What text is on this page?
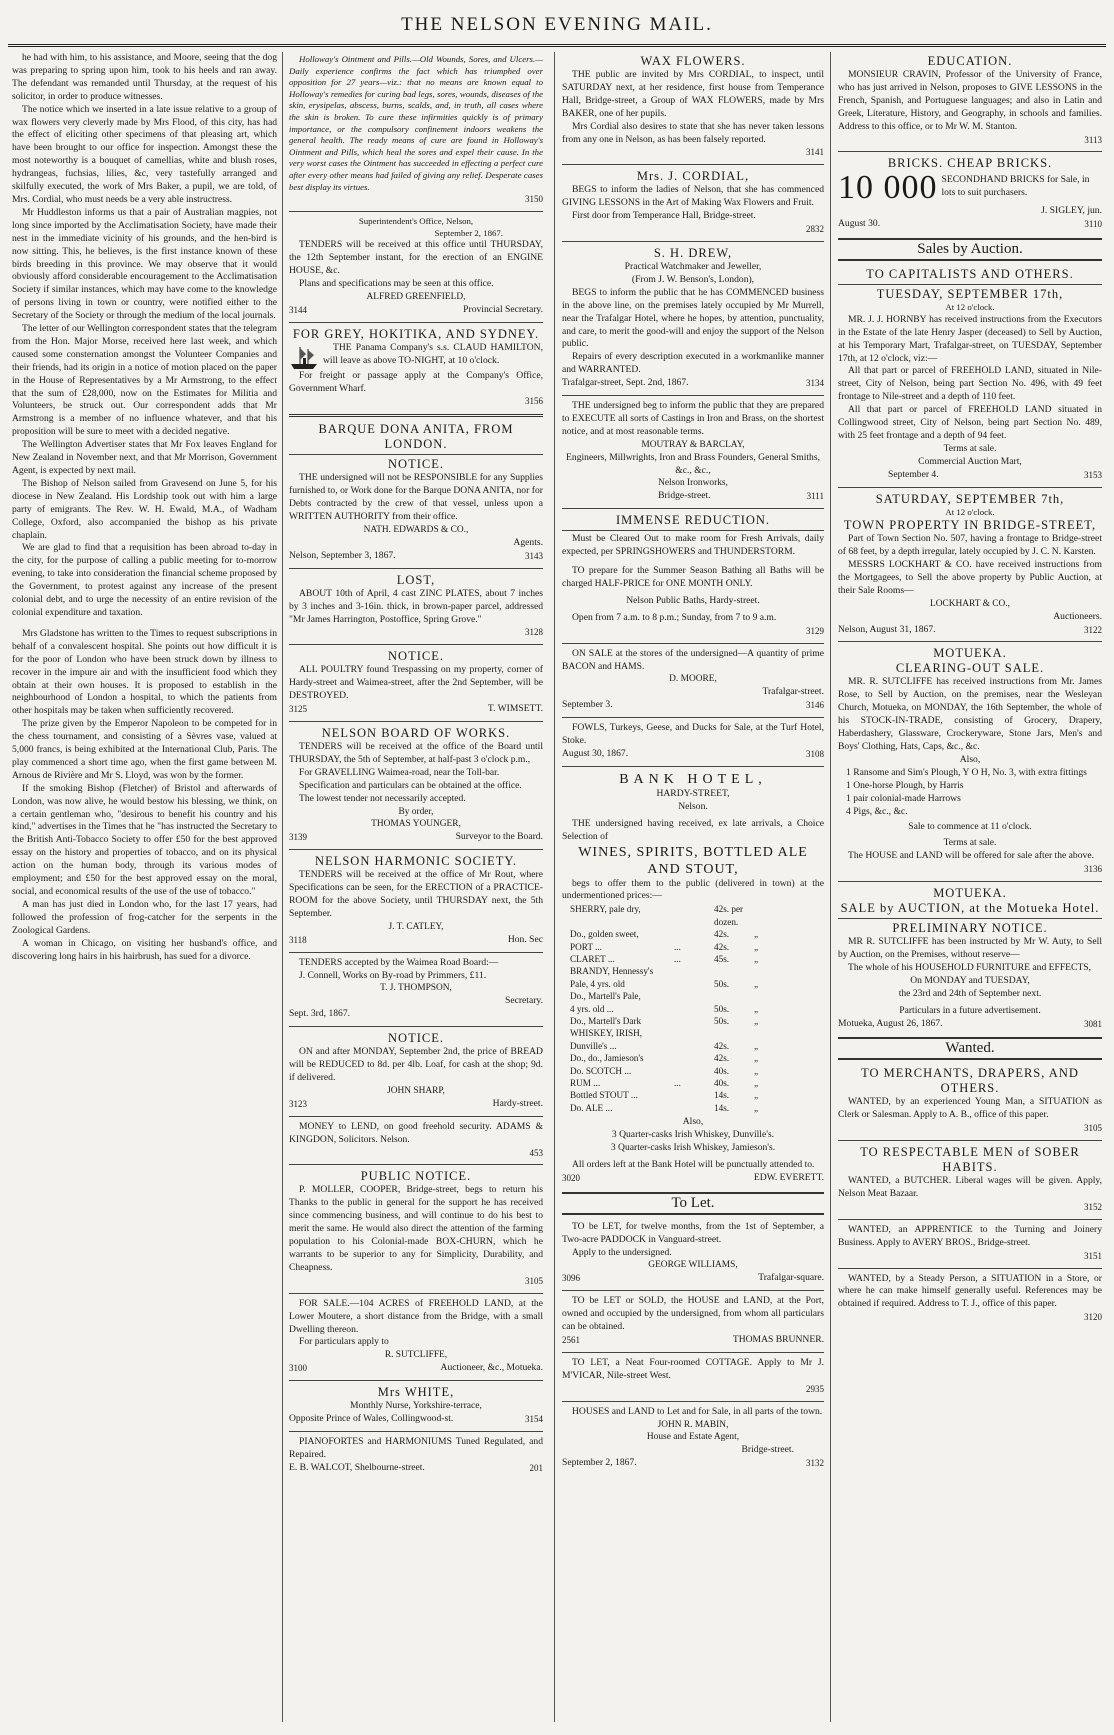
THE NELSON EVENING MAIL.
he had with him, to his assistance, and Moore, seeing that the dog was preparing to spring upon him, took to his heels and ran away. The defendant was remanded until Thursday, at the request of his solicitor, in order to produce witnesses.
The notice which we inserted in a late issue relative to a group of wax flowers very cleverly made by Mrs Flood, of this city, has had the effect of eliciting other specimens of that pleasing art, which have been brought to our office for inspection. Amongst these the most noteworthy is a bouquet of camellias, white and blush roses, hydrangeas, fuchsias, lilies, &c, very tastefully arranged and skilfully executed, the work of Mrs Baker, a pupil, we are told, of Mrs. Cordial, who must needs be a very able instructress.
Mr Huddleston informs us that a pair of Australian magpies, not long since imported by the Acclimatisation Society, have made their nest in the immediate vicinity of his grounds, and the hen-bird is now sitting. This, he believes, is the first instance known of these birds breeding in this province. We may observe that it would obviously afford considerable encouragement to the Acclimatisation Society if similar instances, which may have come to the knowledge of persons living in town or country, were notified either to the Secretary of the Society or through the medium of the local journals.
The letter of our Wellington correspondent states that the telegram from the Hon. Major Morse, received here last week, and which caused some consternation amongst the Volunteer Companies and their friends, had its origin in a notice of motion placed on the paper in the House of Representatives by a Mr Armstrong, to the effect that the sum of £28,000, now on the Estimates for Militia and Volunteers, be struck out. Our correspondent adds that Mr Armstrong is a member of no influence whatever, and that his proposition will be sure to meet with a decided negative.
The Wellington Advertiser states that Mr Fox leaves England for New Zealand in November next, and that Mr Morrison, Government Agent, is expected by next mail.
The Bishop of Nelson sailed from Gravesend on June 5, for his diocese in New Zealand. His Lordship took out with him a large party of emigrants. The Rev. W. H. Ewald, M.A., of Wadham College, Oxford, also accompanied the bishop as his private chaplain.
We are glad to find that a requisition has been abroad to-day in the city, for the purpose of calling a public meeting for to-morrow evening, to take into consideration the financial scheme proposed by the Government, to protest against any increase of the present colonial debt, and to urge the necessity of an entire revision of the colonial expenditure and taxation.
Mrs Gladstone has written to the Times to request subscriptions in behalf of a convalescent hospital. She points out how difficult it is for the poor of London who have been struck down by illness to recover in the impure air and with the insufficient food which they obtain at their own houses. It is proposed to establish in the neighbourhood of London a hospital, to which the patients from other hospitals may be taken when sufficiently recovered.
The prize given by the Emperor Napoleon to be competed for in the chess tournament, and consisting of a Sèvres vase, valued at 5,000 francs, is being exhibited at the International Club, Paris. The play commenced a short time ago, when the first game between M. Arnous de Rivière and Mr S. Lloyd, was won by the former.
If the smoking Bishop (Fletcher) of Bristol and afterwards of London, was now alive, he would bestow his blessing, we think, on a certain gentleman who, "desirous to benefit his country and his kind," advertises in the Times that he "has instructed the Secretary to the British Anti-Tobacco Society to offer £50 for the best approved essay on the history and properties of tobacco, and on its physical action on the human body, through its various modes of employment; and £50 for the best approved essay on the moral, social, and economical results of the use of the use of tobacco."
A man has just died in London who, for the last 17 years, had followed the profession of frog-catcher for the serpents in the Zoological Gardens.
A woman in Chicago, on visiting her husband's office, and discovering long hairs in his hairbrush, has sued for a divorce.
Holloway's Ointment and Pills.—Old Wounds, Sores, and Ulcers.—Daily experience confirms the fact which has triumphed over opposition for 27 years—viz.: that no means are known equal to Holloway's remedies for curing bad legs, sores, wounds, diseases of the skin, erysipelas, abscess, burns, scalds, and, in truth, all cases where the skin is broken. To cure these infirmities quickly is of primary importance, or the compulsory confinement indoors weakens the general health. The ready means of cure are found in Holloway's Ointment and Pills, which heal the sores and expel their cause. In the very worst cases the Ointment has succeeded in effecting a perfect cure after every other means had failed of giving any relief. Desperate cases best display its virtues.
3150
Superintendent's Office, Nelson,
September 2, 1867.
TENDERS will be received at this office until THURSDAY, the 12th September instant, for the erection of an ENGINE HOUSE, &c.
Plans and specifications may be seen at this office.
ALFRED GREENFIELD,
3144	Provincial Secretary.
FOR GREY, HOKITIKA, AND SYDNEY.
THE Panama Company's s.s. CLAUD HAMILTON, will leave as above TO-NIGHT, at 10 o'clock.
For freight or passage apply at the Company's Office, Government Wharf.
3156
BARQUE DONA ANITA, FROM LONDON.
NOTICE.
THE undersigned will not be RESPONSIBLE for any Supplies furnished to, or Work done for the Barque DONA ANITA, nor for Debts contracted by the crew of that vessel, unless upon a WRITTEN AUTHORITY from their office.
NATH. EDWARDS & CO.,
Agents.
Nelson, September 3, 1867.	3143
LOST,
ABOUT 10th of April, 4 cast ZINC PLATES, about 7 inches by 3 inches and 3-16in. thick, in brown-paper parcel, addressed "Mr James Harrington, Postoffice, Spring Grove."
3128
NOTICE.
ALL POULTRY found Trespassing on my property, corner of Hardy-street and Waimea-street, after the 2nd September, will be DESTROYED.
3125	T. WIMSETT.
NELSON BOARD OF WORKS.
TENDERS will be received at the office of the Board until THURSDAY, the 5th of September, at half-past 3 o'clock p.m.,
For GRAVELLING Waimea-road, near the Toll-bar.
Specification and particulars can be obtained at the office.
The lowest tender not necessarily accepted.
By order,
THOMAS YOUNGER,
3139	Surveyor to the Board.
NELSON HARMONIC SOCIETY.
TENDERS will be received at the office of Mr Rout, where Specifications can be seen, for the ERECTION of a PRACTICE-ROOM for the above Society, until THURSDAY next, the 5th September.
J. T. CATLEY,
3118	Hon. Sec
TENDERS accepted by the Waimea Road Board:—
J. Connell, Works on By-road by Primmers, £11.
T. J. THOMPSON,
Secretary.
Sept. 3rd, 1867.
NOTICE.
ON and after MONDAY, September 2nd, the price of BREAD will be REDUCED to 8d. per 4lb. Loaf, for cash at the shop; 9d. if delivered.
JOHN SHARP,
3123	Hardy-street.
MONEY to LEND, on good freehold security. ADAMS & KINGDON, Solicitors. Nelson.
453
PUBLIC NOTICE.
P. MOLLER, COOPER, Bridge-street, begs to return his Thanks to the public in general for the support he has received since commencing business, and will continue to do his best to merit the same. He would also direct the attention of the farming population to his Colonial-made BOX-CHURN, which he warrants to be superior to any for Simplicity, Durability, and Cheapness.
3105
FOR SALE.—104 ACRES of FREEHOLD LAND, at the Lower Moutere, a short distance from the Bridge, with a small Dwelling thereon.
For particulars apply to
R. SUTCLIFFE,
3100	Auctioneer, &c., Motueka.
Mrs WHITE,
Monthly Nurse, Yorkshire-terrace,
Opposite Prince of Wales, Collingwood-st.	3154
PIANOFORTES and HARMONIUMS Tuned Regulated, and Repaired.
E. B. WALCOT, Shelbourne-street.	201
WAX FLOWERS.
THE public are invited by Mrs CORDIAL, to inspect, until SATURDAY next, at her residence, first house from Temperance Hall, Bridge-street, a Group of WAX FLOWERS, made by Mrs BAKER, one of her pupils.
Mrs Cordial also desires to state that she has never taken lessons from any one in Nelson, as has been falsely reported.
3141
Mrs. J. CORDIAL,
BEGS to inform the ladies of Nelson, that she has commenced GIVING LESSONS in the Art of Making Wax Flowers and Fruit.
First door from Temperance Hall, Bridge-street.
2832
S. H. DREW,
Practical Watchmaker and Jeweller,
(From J. W. Benson's, London),
BEGS to inform the public that he has COMMENCED business in the above line, on the premises lately occupied by Mr Murrell, near the Trafalgar Hotel, where he hopes, by attention, punctuality, and care, to merit the good-will and enjoy the support of the Nelson public.
Repairs of every description executed in a workmanlike manner and WARRANTED.
Trafalgar-street, Sept. 2nd, 1867.	3134
THE undersigned beg to inform the public that they are prepared to EXECUTE all sorts of Castings in Iron and Brass, on the shortest notice, and at most reasonable terms.
MOUTRAY & BARCLAY,
Engineers, Millwrights, Iron and Brass Founders, General Smiths, &c., &c.,
Nelson Ironworks,
Bridge-street.	3111
IMMENSE REDUCTION.
Must be Cleared Out to make room for Fresh Arrivals, daily expected, per SPRINGSHOWERS and THUNDERSTORM.
TO prepare for the Summer Season Bathing all Baths will be charged HALF-PRICE for ONE MONTH ONLY.
Nelson Public Baths, Hardy-street.
Open from 7 a.m. to 8 p.m.; Sunday, from 7 to 9 a.m.
3129
ON SALE at the stores of the undersigned—A quantity of prime BACON and HAMS.
D. MOORE,
Trafalgar-street.
September 3.	3146
FOWLS, Turkeys, Geese, and Ducks for Sale, at the Turf Hotel, Stoke.
August 30, 1867.	3108
BANK HOTEL,
HARDY-STREET,
Nelson.
THE undersigned having received, ex late arrivals, a Choice Selection of
WINES, SPIRITS, BOTTLED ALE AND STOUT,
begs to offer them to the public (delivered in town) at the undermentioned prices:—
SHERRY, pale dry,	42s. per dozen.
Do., golden sweet,	42s.	„
PORT ...	...	42s.	„
CLARET ...	...	45s.	„
BRANDY, Hennessy's
Pale, 4 yrs. old	50s.	„
Do., Martell's Pale,
4 yrs. old ...	50s.	„
Do., Martell's Dark	50s.	„
WHISKEY, IRISH,
Dunville's ...	42s.	„
Do., do., Jamieson's	42s.	„
Do. SCOTCH ...	40s.	„
RUM ...	...	40s.	„
Bottled STOUT ...	14s.	„
Do. ALE ...	14s.	„
Also,
3 Quarter-casks Irish Whiskey, Dunville's.
3 Quarter-casks Irish Whiskey, Jamieson's.
All orders left at the Bank Hotel will be punctually attended to.
3020	EDW. EVERETT.
To Let.
TO be LET, for twelve months, from the 1st of September, a Two-acre PADDOCK in Vanguard-street.
Apply to the undersigned.
GEORGE WILLIAMS,
3096	Trafalgar-square.
TO be LET or SOLD, the HOUSE and LAND, at the Port, owned and occupied by the undersigned, from whom all particulars can be obtained.
2561	THOMAS BRUNNER.
TO LET, a Neat Four-roomed COTTAGE. Apply to Mr J. M'VICAR, Nile-street West.
2935
HOUSES and LAND to Let and for Sale, in all parts of the town.
JOHN R. MABIN,
House and Estate Agent,
Bridge-street.
September 2, 1867.	3132
EDUCATION.
MONSIEUR CRAVIN, Professor of the University of France, who has just arrived in Nelson, proposes to GIVE LESSONS in the French, Spanish, and Portuguese languages; and also in Latin and Greek, Literature, History, and Geography, in schools and families. Address to this office, or to Mr W. M. Stanton.
3113
BRICKS. CHEAP BRICKS.
10 000 SECONDHAND BRICKS for Sale, in lots to suit purchasers.
J. SIGLEY, jun.
August 30.	3110
Sales by Auction.
TO CAPITALISTS AND OTHERS.
TUESDAY, SEPTEMBER 17th,
At 12 o'clock.
MR. J. J. HORNBY has received instructions from the Executors in the Estate of the late Henry Jasper (deceased) to Sell by Auction, at his Temporary Mart, Trafalgar-street, on TUESDAY, September 17th, at 12 o'clock, viz:—
All that part or parcel of FREEHOLD LAND, situated in Nile-street, City of Nelson, being part Section No. 496, with 49 feet frontage to Nile-street and a depth of 110 feet.
All that part or parcel of FREEHOLD LAND situated in Collingwood street, City of Nelson, being part Section No. 489, with 25 feet frontage and a depth of 94 feet.
Terms at sale.
Commercial Auction Mart,
September 4.	3153
SATURDAY, SEPTEMBER 7th,
At 12 o'clock.
TOWN PROPERTY IN BRIDGE-STREET,
Part of Town Section No. 507, having a frontage to Bridge-street of 68 feet, by a depth irregular, lately occupied by J. C. N. Karsten.
MESSRS LOCKHART & CO. have received instructions from the Mortgagees, to Sell the above property by Public Auction, at their Sale Rooms—
LOCKHART & CO.,
Auctioneers.
Nelson, August 31, 1867.	3122
MOTUEKA.
CLEARING-OUT SALE.
MR. R. SUTCLIFFE has received instructions from Mr. James Rose, to Sell by Auction, on the premises, near the Wesleyan Church, Motueka, on MONDAY, the 16th September, the whole of his STOCK-IN-TRADE, consisting of Grocery, Drapery, Haberdashery, Glassware, Crockeryware, Stone Jars, Men's and Boys' Clothing, Hats, Caps, &c., &c.
Also,
1 Ransome and Sim's Plough, Y O H, No. 3, with extra fittings
1 One-horse Plough, by Harris
1 pair colonial-made Harrows
4 Pigs, &c., &c.
Sale to commence at 11 o'clock.
Terms at sale.
The HOUSE and LAND will be offered for sale after the above.
3136
MOTUEKA.
SALE by AUCTION, at the Motueka Hotel.
PRELIMINARY NOTICE.
MR R. SUTCLIFFE has been instructed by Mr W. Auty, to Sell by Auction, on the Premises, without reserve—
The whole of his HOUSEHOLD FURNITURE and EFFECTS,
On MONDAY and TUESDAY,
the 23rd and 24th of September next.
Particulars in a future advertisement.
Motueka, August 26, 1867.	3081
Wanted.
TO MERCHANTS, DRAPERS, AND OTHERS.
WANTED, by an experienced Young Man, a SITUATION as Clerk or Salesman. Apply to A. B., office of this paper.
3105
TO RESPECTABLE MEN of SOBER HABITS.
WANTED, a BUTCHER. Liberal wages will be given. Apply, Nelson Meat Bazaar.
3152
WANTED, an APPRENTICE to the Turning and Joinery Business. Apply to AVERY BROS., Bridge-street.
3151
WANTED, by a Steady Person, a SITUATION in a Store, or where he can make himself generally useful. References may be obtained if required. Address to T. J., office of this paper.
3120
